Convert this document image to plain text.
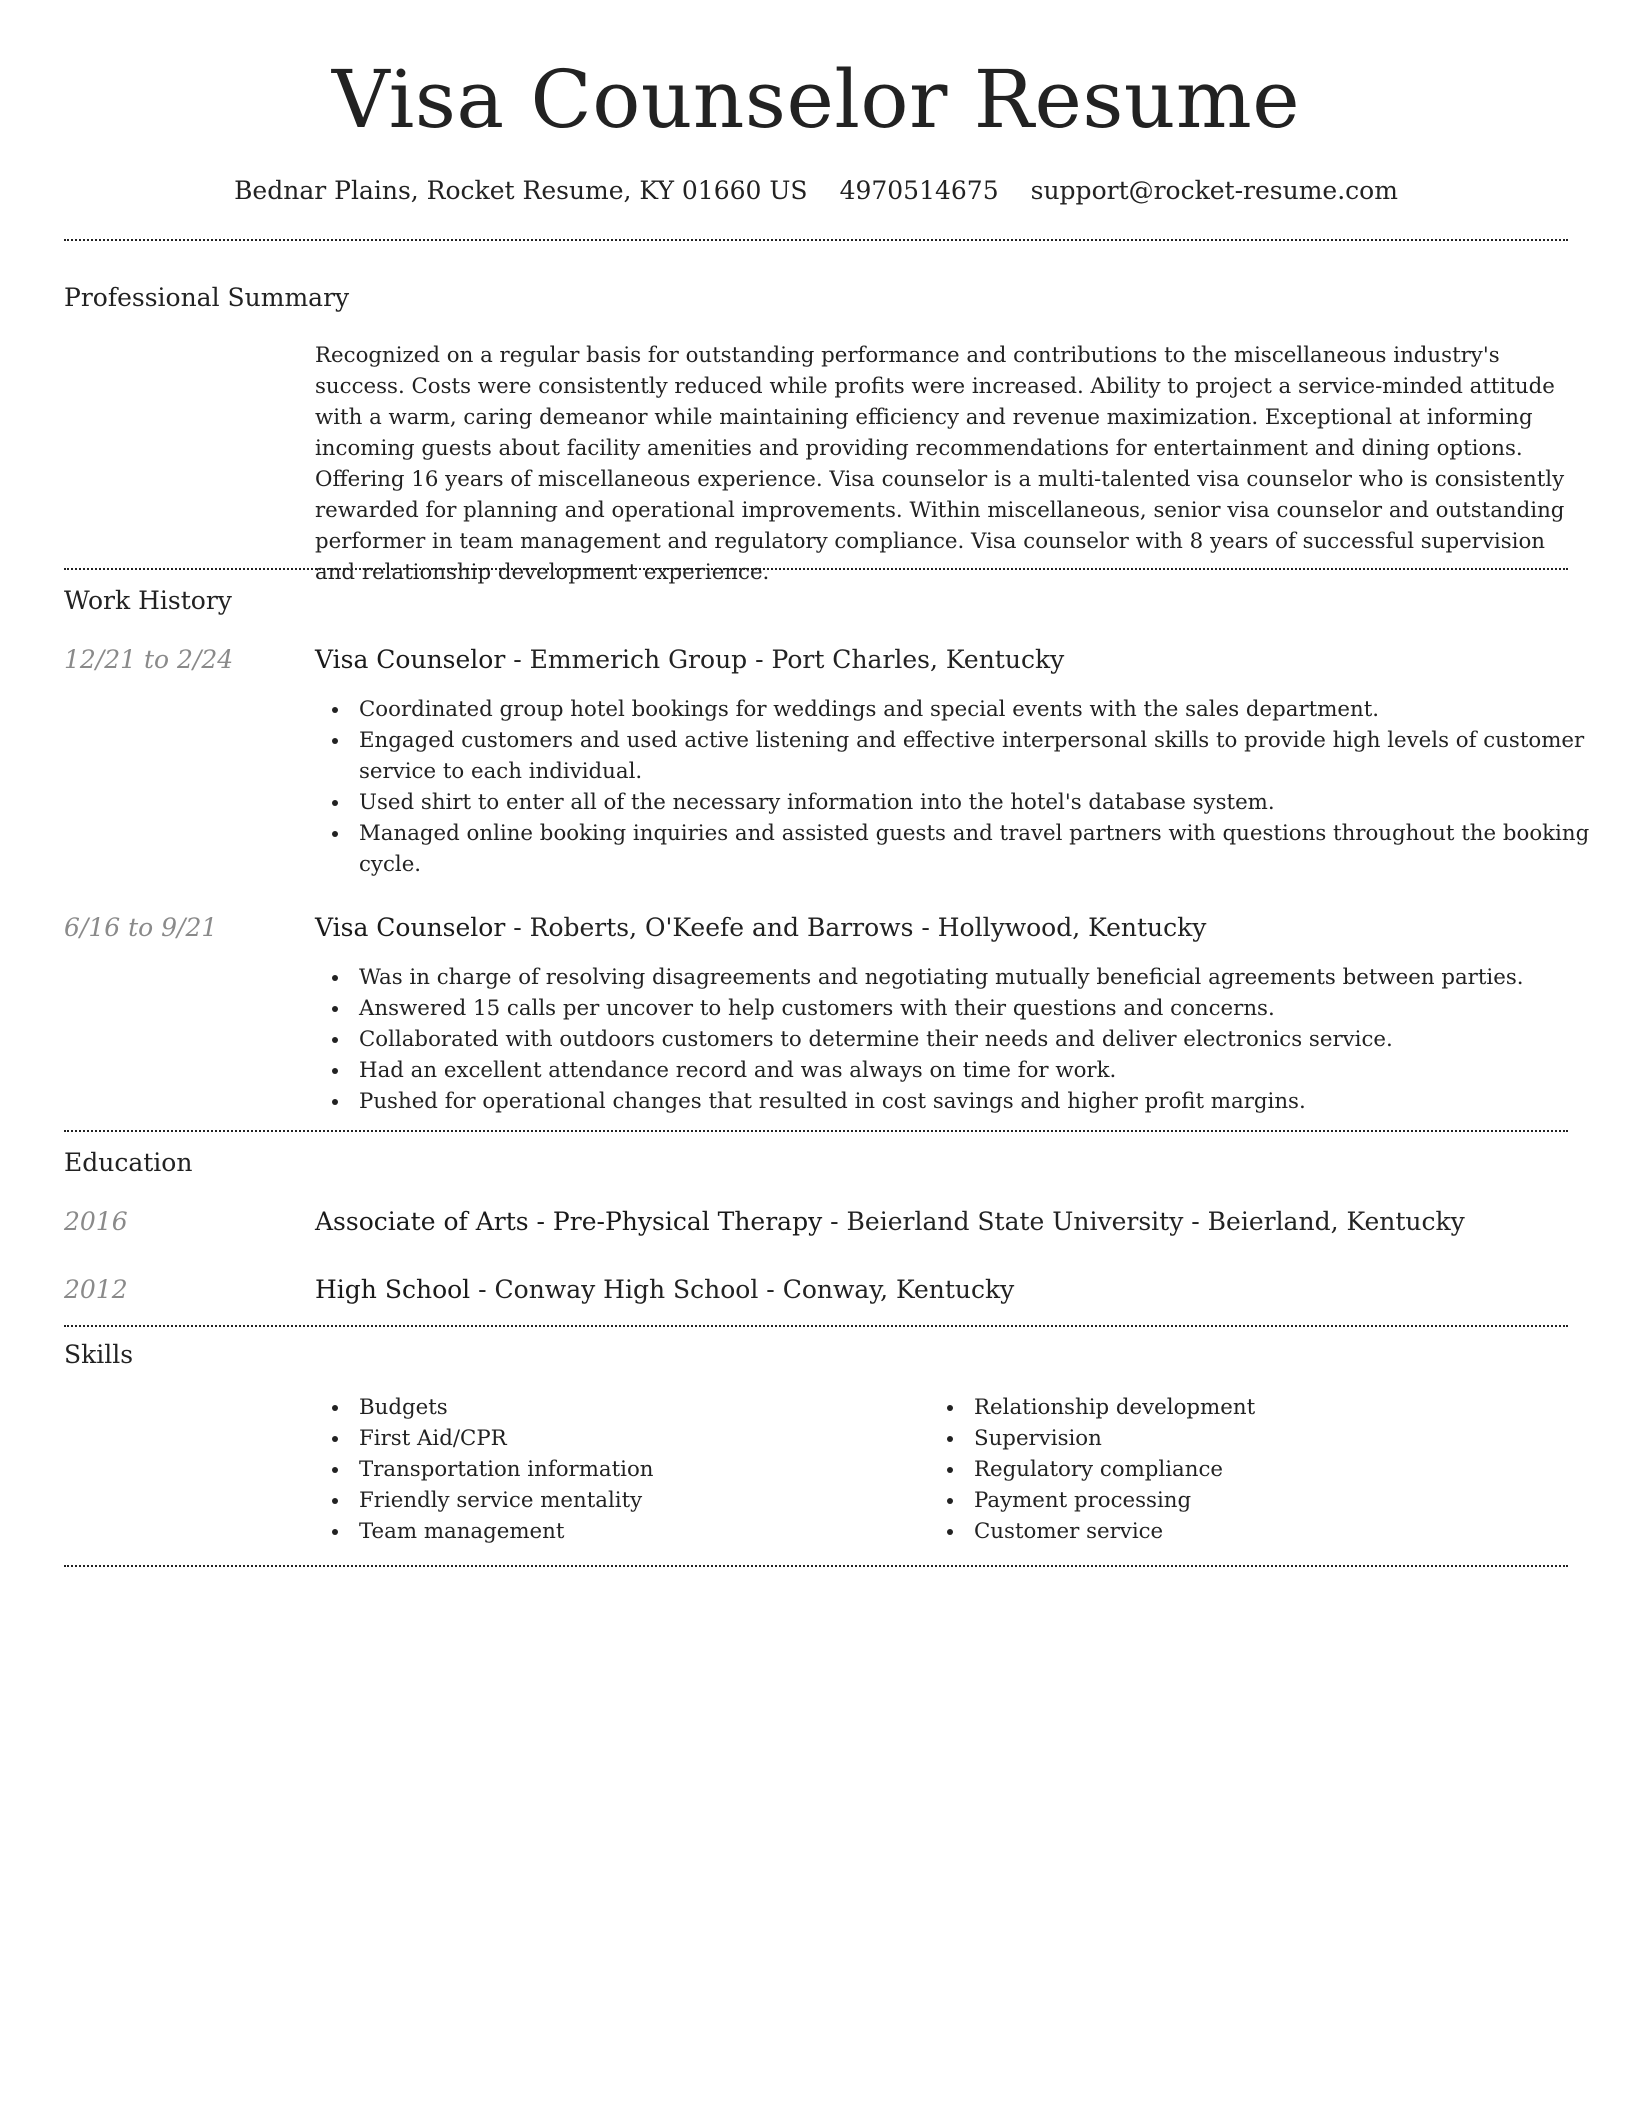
Visa Counselor Resume
Bednar Plains, Rocket Resume, KY 01660 US 4970514675 support@rocket-resume.com
Professional Summary

Recognized on a regular basis for outstanding performance and contributions to the miscellaneous industry's success. Costs were consistently reduced while profits were increased. Ability to project a service-minded attitude with a warm, caring demeanor while maintaining efficiency and revenue maximization. Exceptional at informing incoming guests about facility amenities and providing recommendations for entertainment and dining options. Offering 16 years of miscellaneous experience. Visa counselor is a multi-talented visa counselor who is consistently rewarded for planning and operational improvements. Within miscellaneous, senior visa counselor and outstanding performer in team management and regulatory compliance. Visa counselor with 8 years of successful supervision and relationship development experience.

Work History
12/21 to 2/24	Visa Counselor - Emmerich Group - Port Charles, Kentucky
Coordinated group hotel bookings for weddings and special events with the sales department.
Engaged customers and used active listening and effective interpersonal skills to provide high levels of customer service to each individual.
Used shirt to enter all of the necessary information into the hotel's database system.
Managed online booking inquiries and assisted guests and travel partners with questions throughout the booking cycle.
6/16 to 9/21	Visa Counselor - Roberts, O'Keefe and Barrows - Hollywood, Kentucky
Was in charge of resolving disagreements and negotiating mutually beneficial agreements between parties.
Answered 15 calls per uncover to help customers with their questions and concerns.
Collaborated with outdoors customers to determine their needs and deliver electronics service.
Had an excellent attendance record and was always on time for work.
Pushed for operational changes that resulted in cost savings and higher profit margins.
Education
2016	Associate of Arts - Pre-Physical Therapy - Beierland State University - Beierland, Kentucky
2012	High School - Conway High School - Conway, Kentucky
Skills
Budgets
First Aid/CPR
Transportation information
Friendly service mentality
Team management
Relationship development
Supervision
Regulatory compliance
Payment processing
Customer service
